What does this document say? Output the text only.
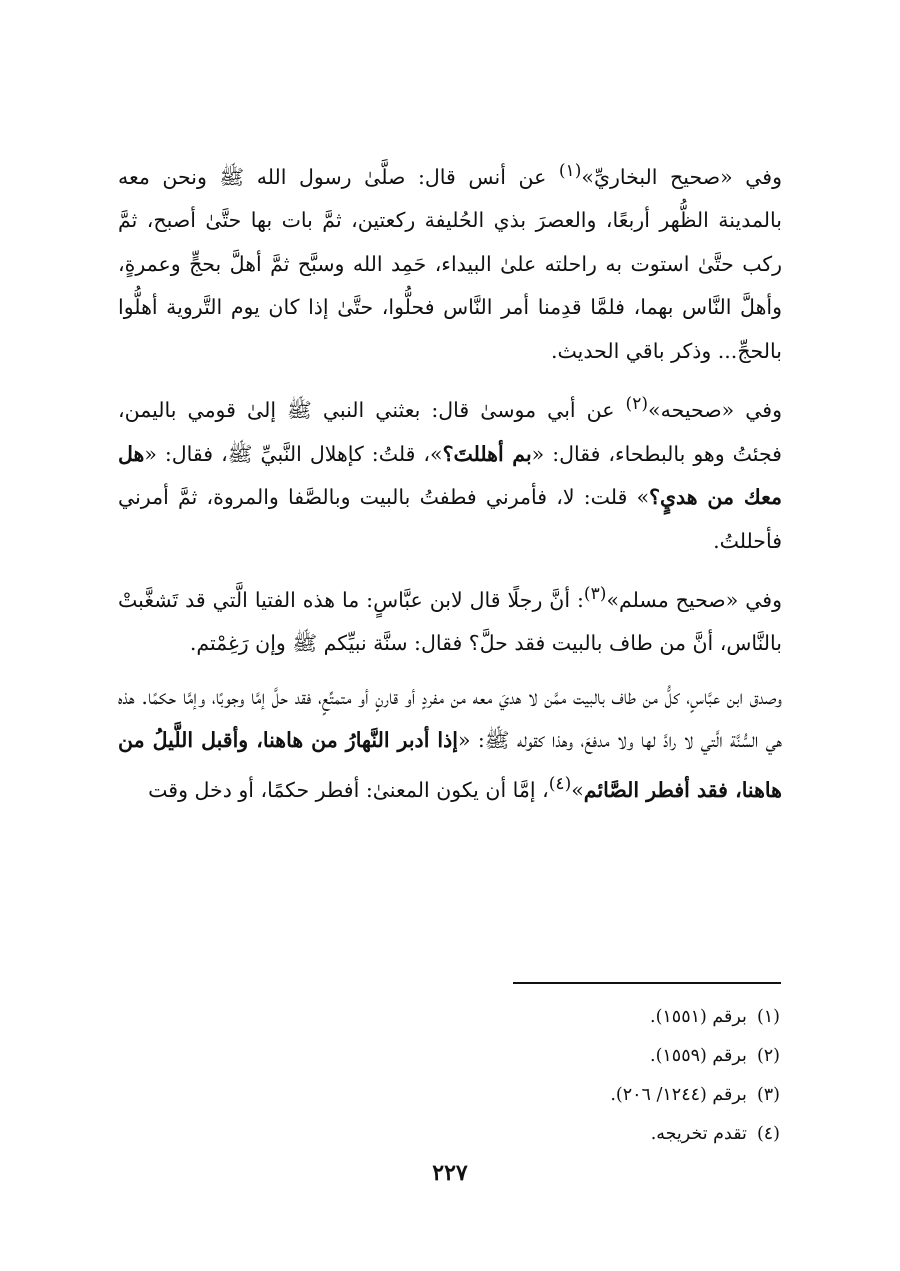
وفي «صحيح البخاريِّ»$^{(١)}$ عن أنس قال: صلَّىٰ رسول الله ﷺ ونحن معه بالمدينة الظُّهر أربعًا، والعصرَ بذي الحُليفة ركعتين، ثمَّ بات بها حتَّىٰ أصبح، ثمَّ ركب حتَّىٰ استوت به راحلته علىٰ البيداء، حَمِد الله وسبَّح ثمَّ أهلَّ بحجٍّ وعمرةٍ، وأهلَّ النَّاس بهما، فلمَّا قدِمنا أمر النَّاس فحلُّوا، حتَّىٰ إذا كان يوم التَّروية أهلُّوا بالحجِّ... وذكر باقي الحديث.

وفي «صحيحه»$^{(٢)}$ عن أبي موسىٰ قال: بعثني النبي ﷺ إلىٰ قومي باليمن، فجئتُ وهو بالبطحاء، فقال: «بم أهللتَ؟»، قلتُ: كإهلال النَّبيِّ ﷺ، فقال: «هل معك من هديٍ؟» قلت: لا، فأمرني فطفتُ بالبيت وبالصَّفا والمروة، ثمَّ أمرني فأحللتُ.

وفي «صحيح مسلم»$^{(٣)}$: أنَّ رجلًا قال لابن عبَّاسٍ: ما هذه الفتيا الَّتي قد تَشغَّبتْ بالنَّاس، أنَّ من طاف بالبيت فقد حلَّ؟ فقال: سنَّة نبيِّكم ﷺ وإن رَغِمْتم.

وصدق ابن عبَّاسٍ، كلُّ من طاف بالبيت ممَّن لا هديَ معه من مفردٍ أو قارنٍ أو متمتِّعٍ، فقد حلَّ إمَّا وجوبًا، وإمَّا حكمًا. هذه هي السُّنَّة الَّتي لا رادَّ لها ولا مدفعَ، وهذا كقوله ﷺ: «إذا أدبر النَّهارُ من هاهنا، وأقبل اللَّيلُ من هاهنا، فقد أفطر الصَّائم»$^{(٤)}$، إمَّا أن يكون المعنىٰ: أفطر حكمًا، أو دخل وقت

(١)برقم (١٥٥١).
(٢)برقم (١٥٥٩).
(٣)برقم (١٢٤٤/ ٢٠٦).
(٤)تقدم تخريجه.
٢٢٧
